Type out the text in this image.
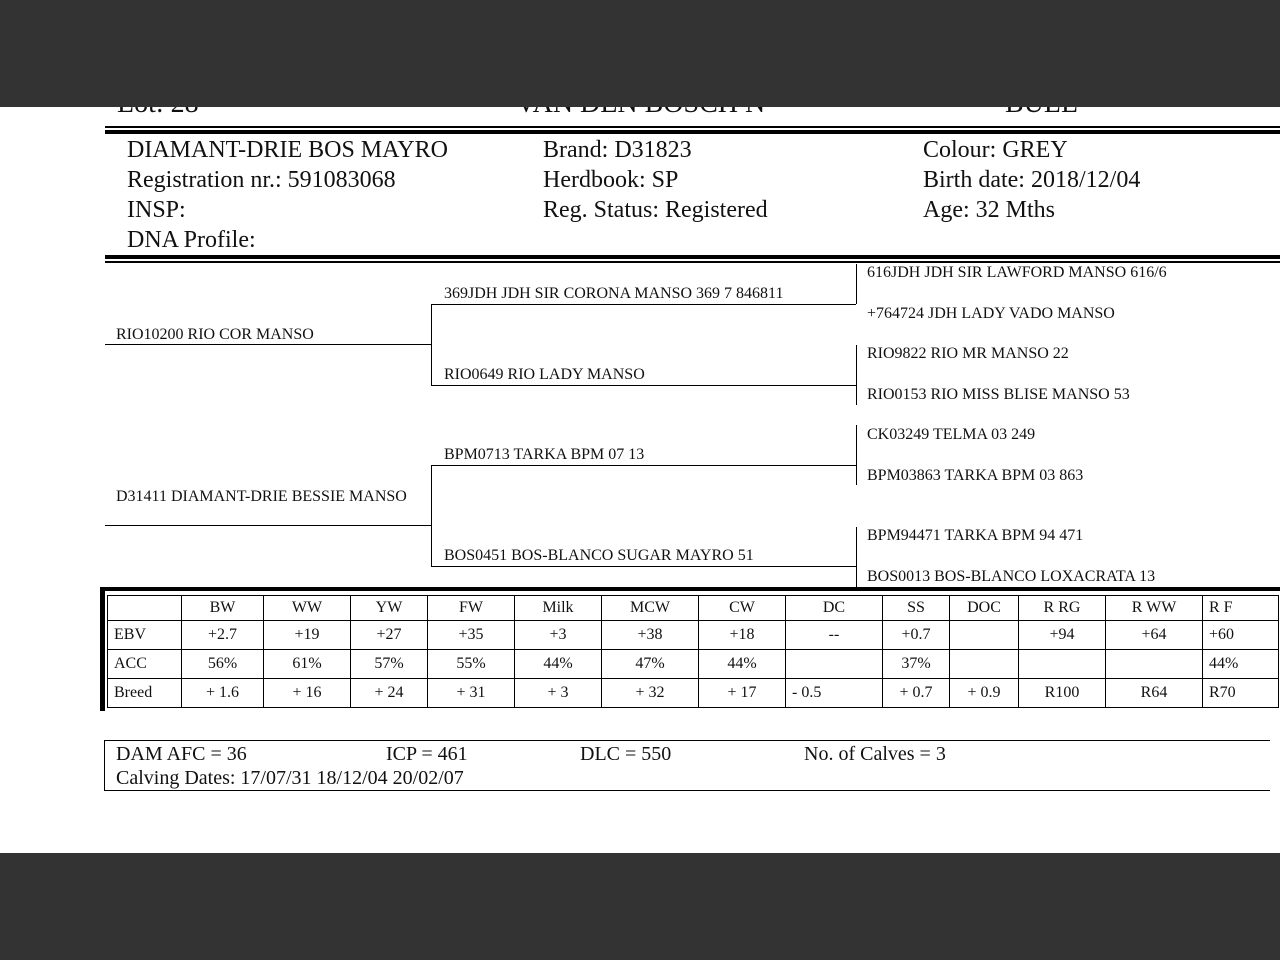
DIAMANT-DRIE BOS MAYRO
Registration nr.: 591083068
INSP:
DNA Profile:
Brand: D31823
Herdbook: SP
Reg. Status: Registered
Colour: GREY
Birth date: 2018/12/04
Age: 32 Mths
RIO10200 RIO COR MANSO
D31411 DIAMANT-DRIE BESSIE MANSO
369JDH JDH SIR CORONA MANSO 369 7 846811
RIO0649 RIO LADY MANSO
BPM0713 TARKA BPM 07 13
BOS0451 BOS-BLANCO SUGAR MAYRO 51
616JDH JDH SIR LAWFORD MANSO 616/6
+764724 JDH LADY VADO MANSO
RIO9822 RIO MR MANSO 22
RIO0153 RIO MISS BLISE MANSO 53
CK03249 TELMA 03 249
BPM03863 TARKA BPM 03 863
BPM94471 TARKA BPM 94 471
BOS0013 BOS-BLANCO LOXACRATA 13
	BW	WW	YW	FW	Milk	MCW	CW	DC	SS	DOC	R RG	R WW	R F
EBV	+2.7	+19	+27	+35	+3	+38	+18	--	+0.7		+94	+64	+60
ACC	56%	61%	57%	55%	44%	47%	44%		37%				44%
Breed	+ 1.6	+ 16	+ 24	+ 31	+ 3	+ 32	+ 17	- 0.5	+ 0.7	+ 0.9	R100	R64	R70
DAM AFC = 36	ICP = 461	DLC = 550	No. of Calves = 3
Calving Dates: 17/07/31 18/12/04 20/02/07
